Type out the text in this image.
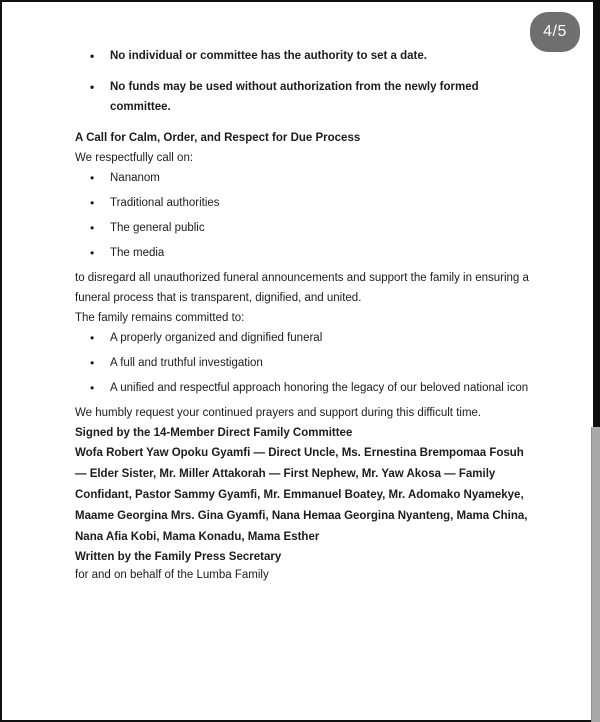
4/5
• No individual or committee has the authority to set a date.
• No funds may be used without authorization from the newly formed committee.

A Call for Calm, Order, and Respect for Due Process

We respectfully call on:

• Nananom
• Traditional authorities
• The general public
• The media

to disregard all unauthorized funeral announcements and support the family in ensuring a funeral process that is transparent, dignified, and united.

The family remains committed to:

• A properly organized and dignified funeral
• A full and truthful investigation
• A unified and respectful approach honoring the legacy of our beloved national icon

We humbly request your continued prayers and support during this difficult time.

Signed by the 14-Member Direct Family Committee

Wofa Robert Yaw Opoku Gyamfi — Direct Uncle, Ms. Ernestina Brempomaa Fosuh — Elder Sister, Mr. Miller Attakorah — First Nephew, Mr. Yaw Akosa — Family Confidant, Pastor Sammy Gyamfi, Mr. Emmanuel Boatey, Mr. Adomako Nyamekye, Maame Georgina Mrs. Gina Gyamfi, Nana Hemaa Georgina Nyanteng, Mama China, Nana Afia Kobi, Mama Konadu, Mama Esther

Written by the Family Press Secretary
for and on behalf of the Lumba Family
